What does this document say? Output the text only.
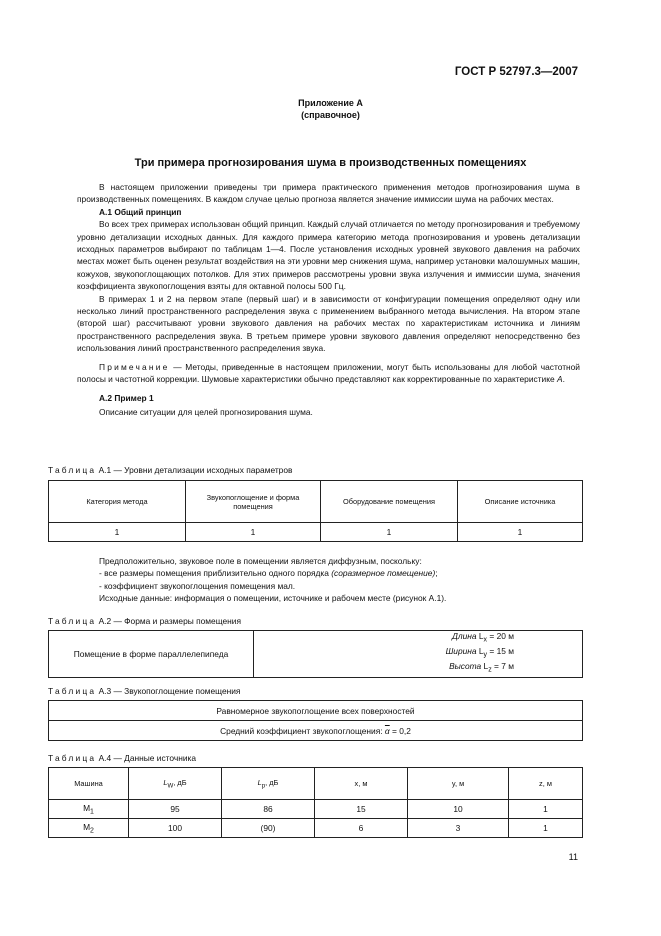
ГОСТ Р 52797.3—2007
Приложение А
(справочное)
Три примера прогнозирования шума в производственных помещениях

В настоящем приложении приведены три примера практического применения методов прогнозирования шума в производственных помещениях. В каждом случае целью прогноза является значение иммиссии шума на рабочих местах.

А.1 Общий принцип

Во всех трех примерах использован общий принцип. Каждый случай отличается по методу прогнозирования и требуемому уровню детализации исходных данных. Для каждого примера категорию метода прогнозирования и уровень детализации исходных параметров выбирают по таблицам 1—4. После установления исходных уровней звукового давления на рабочих местах может быть оценен результат воздействия на эти уровни мер снижения шума, например установки малошумных машин, кожухов, звукопоглощающих потолков. Для этих примеров рассмотрены уровни звука излучения и иммиссии шума, значения коэффициента звукопоглощения взяты для октавной полосы 500 Гц.

В примерах 1 и 2 на первом этапе (первый шаг) и в зависимости от конфигурации помещения определяют одну или несколько линий пространственного распределения звука с применением выбранного метода вычисления. На втором этапе (второй шаг) рассчитывают уровни звукового давления на рабочих местах по характеристикам источника и линиям пространственного распределения звука. В третьем примере уровни звукового давления определяют непосредственно без использования линий пространственного распределения звука.

Примечание — Методы, приведенные в настоящем приложении, могут быть использованы для любой частотной полосы и частотной коррекции. Шумовые характеристики обычно представляют как корректированные по характеристике А.

А.2 Пример 1

Описание ситуации для целей прогнозирования шума.

Таблица А.1 — Уровни детализации исходных параметров
Категория метода	Звукопоглощение и форма помещения	Оборудование помещения	Описание источника
1	1	1	1

Предположительно, звуковое поле в помещении является диффузным, поскольку:

- все размеры помещения приблизительно одного порядка (соразмерное помещение);

- коэффициент звукопоглощения помещения мал.

Исходные данные: информация о помещении, источнике и рабочем месте (рисунок А.1).

Таблица А.2 — Форма и размеры помещения
Помещение в форме параллелепипеда	
Длина $L_x = 20$ м
Ширина $L_y = 15$ м
Высота $L_z = 7$ м
Таблица А.3 — Звукопоглощение помещения
Равномерное звукопоглощение всех поверхностей
Средний коэффициент звукопоглощения: $\overline{\alpha} = 0,2$
Таблица А.4 — Данные источника
Машина	$L_W$, дБ	$L_p$, дБ	x, м	y, м	z, м
$M_1$	95	86	15	10	1
$M_2$	100	(90)	6	3	1
11
